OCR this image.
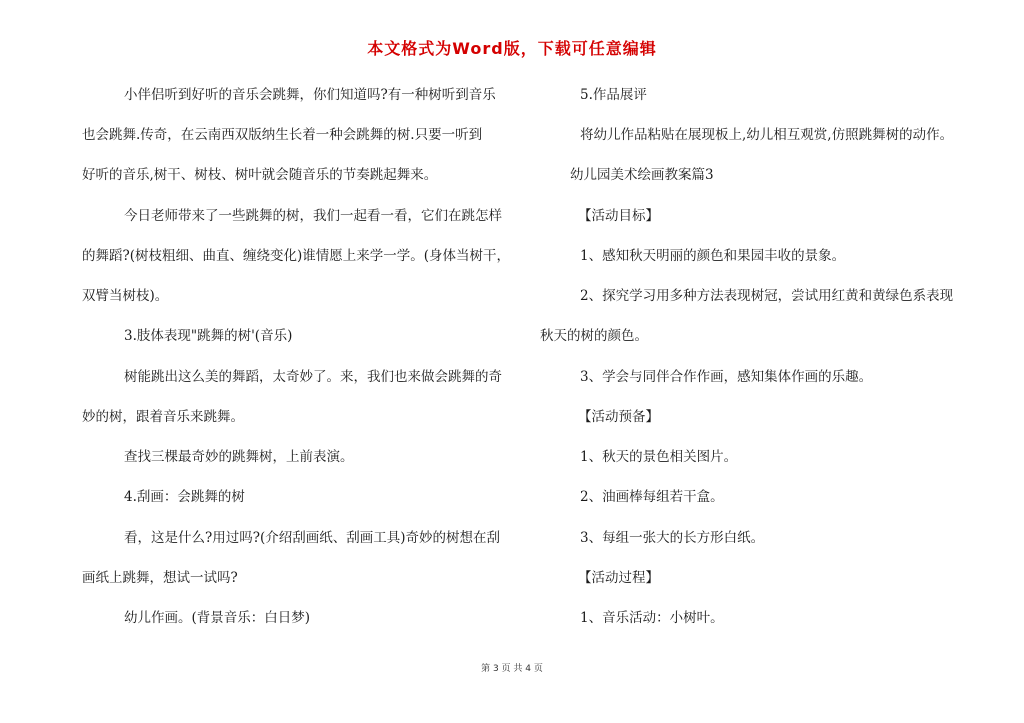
本文格式为Word版，下载可任意编辑
小伴侣听到好听的音乐会跳舞，你们知道吗?有一种树听到音乐
也会跳舞.传奇，在云南西双版纳生长着一种会跳舞的树.只要一听到
好听的音乐,树干、树枝、树叶就会随音乐的节奏跳起舞来。
今日老师带来了一些跳舞的树，我们一起看一看，它们在跳怎样
的舞蹈?(树枝粗细、曲直、缠绕变化)谁情愿上来学一学。(身体当树干，
双臂当树枝)。
3.肢体表现"跳舞的树'(音乐)
树能跳出这么美的舞蹈，太奇妙了。来，我们也来做会跳舞的奇
妙的树，跟着音乐来跳舞。
查找三棵最奇妙的跳舞树，上前表演。
4.刮画：会跳舞的树
看，这是什么?用过吗?(介绍刮画纸、刮画工具)奇妙的树想在刮
画纸上跳舞，想试一试吗?
幼儿作画。(背景音乐：白日梦)
5.作品展评
将幼儿作品粘贴在展现板上,幼儿相互观赏,仿照跳舞树的动作。
幼儿园美术绘画教案篇3
【活动目标】
1、感知秋天明丽的颜色和果园丰收的景象。
2、探究学习用多种方法表现树冠，尝试用红黄和黄绿色系表现
秋天的树的颜色。
3、学会与同伴合作作画，感知集体作画的乐趣。
【活动预备】
1、秋天的景色相关图片。
2、油画棒每组若干盒。
3、每组一张大的长方形白纸。
【活动过程】
1、音乐活动：小树叶。
第 3 页 共 4 页
